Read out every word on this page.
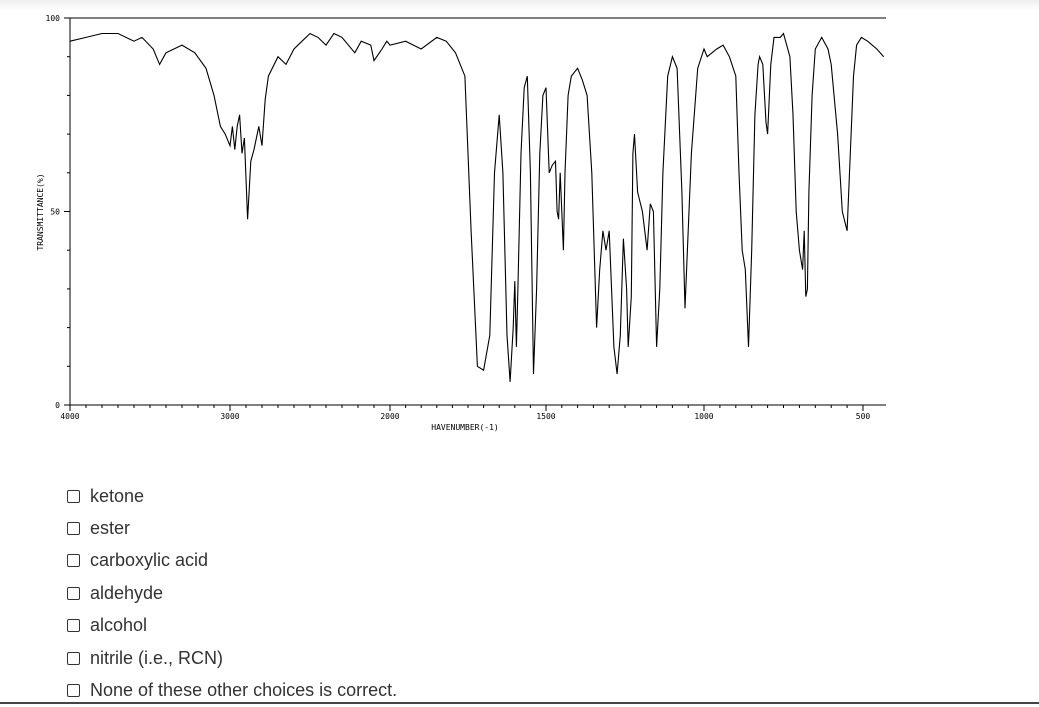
4000	3000	2000	1500	1000	500
100
50
0
HAVENUMBER(-1)
TRANSMITTANCE(%)
ketone
ester
carboxylic acid
aldehyde
alcohol
nitrile (i.e., RCN)
None of these other choices is correct.
